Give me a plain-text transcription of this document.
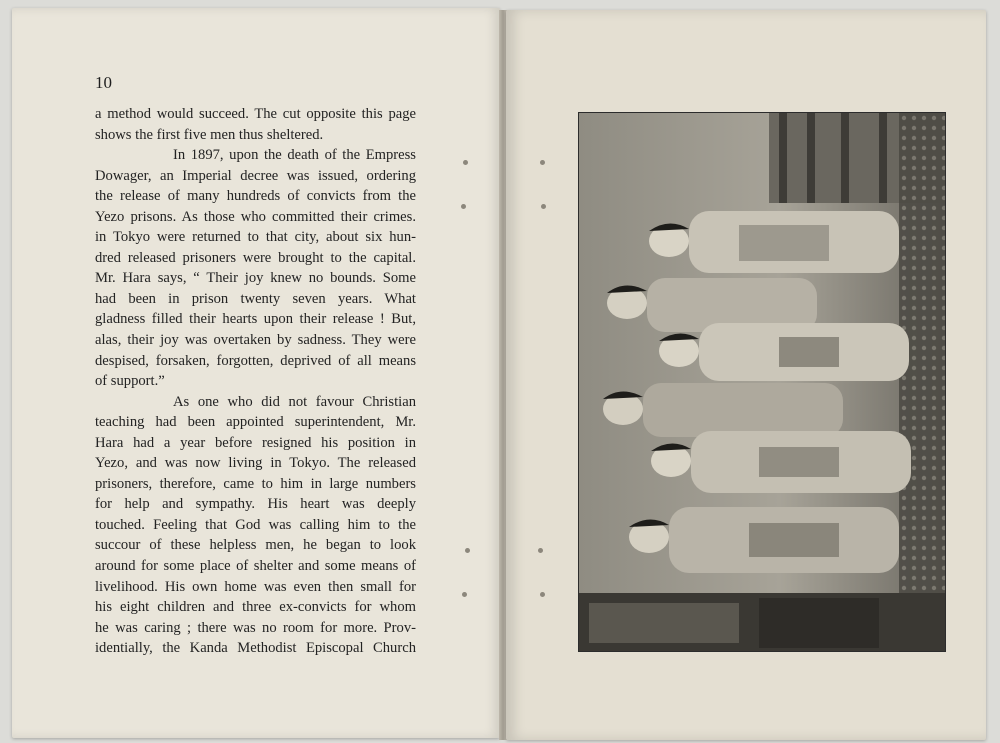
10
a method would succeed. The cut opposite this page
shows the first five men thus sheltered.
In 1897, upon the death of the Empress
Dowager, an Imperial decree was issued, ordering
the release of many hundreds of convicts from the
Yezo prisons. As those who committed their crimes.
in Tokyo were returned to that city, about six hun-
dred released prisoners were brought to the capital.
Mr. Hara says, “ Their joy knew no bounds. Some
had been in prison twenty seven years. What
gladness filled their hearts upon their release ! But,
alas, their joy was overtaken by sadness. They were
despised, forsaken, forgotten, deprived of all means
of support.”
As one who did not favour Christian
teaching had been appointed superintendent, Mr.
Hara had a year before resigned his position in
Yezo, and was now living in Tokyo. The released
prisoners, therefore, came to him in large numbers
for help and sympathy. His heart was deeply
touched. Feeling that God was calling him to the
succour of these helpless men, he began to look
around for some place of shelter and some means of
livelihood. His own home was even then small for
his eight children and three ex-convicts for whom
he was caring ; there was no room for more. Prov-
identially, the Kanda Methodist Episcopal Church
